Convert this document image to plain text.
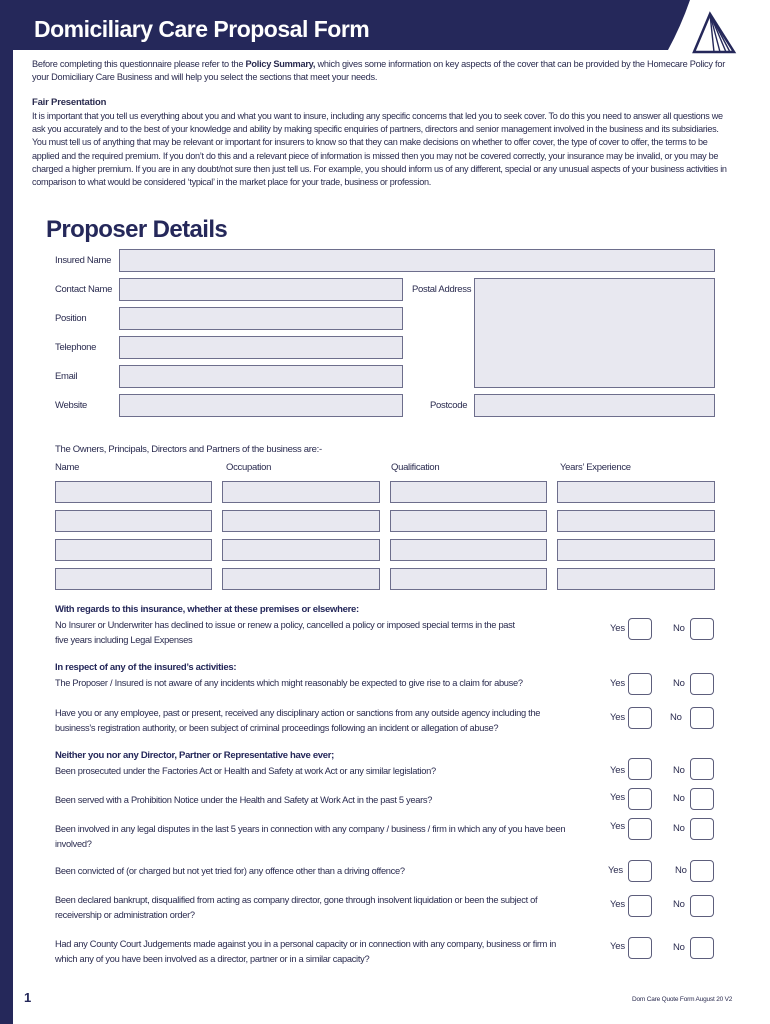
Domiciliary Care Proposal Form
Before completing this questionnaire please refer to the Policy Summary, which gives some information on key aspects of the cover that can be provided by the Homecare Policy for your Domiciliary Care Business and will help you select the sections that meet your needs.
Fair Presentation

It is important that you tell us everything about you and what you want to insure, including any specific concerns that led you to seek cover. To do this you need to answer all questions we ask you accurately and to the best of your knowledge and ability by making specific enquiries of partners, directors and senior management involved in the business and its subsidiaries.

You must tell us of anything that may be relevant or important for insurers to know so that they can make decisions on whether to offer cover, the type of cover to offer, the terms to be applied and the required premium. If you don’t do this and a relevant piece of information is missed then you may not be covered correctly, your insurance may be invalid, or you may be charged a higher premium. If you are in any doubt/not sure then just tell us. For example, you should inform us of any different, special or any unusual aspects of your business activities in comparison to what would be considered ‘typical’ in the market place for your trade, business or profession.

Proposer Details
Insured Name
Contact Name	Postal Address
Position
Telephone
Email
Website	Postcode
The Owners, Principals, Directors and Partners of the business are:-
Name	Occupation	Qualification	Years’ Experience
With regards to this insurance, whether at these premises or elsewhere:
No Insurer or Underwriter has declined to issue or renew a policy, cancelled a policy or imposed special terms in the past five years including Legal Expenses
Yes	No
In respect of any of the insured’s activities:
The Proposer / Insured is not aware of any incidents which might reasonably be expected to give rise to a claim for abuse?	Yes	No
Have you or any employee, past or present, received any disciplinary action or sanctions from any outside agency including the business’s registration authority, or been subject of criminal proceedings following an incident or allegation of abuse?
Yes	No
Neither you nor any Director, Partner or Representative have ever;
Been prosecuted under the Factories Act or Health and Safety at work Act or any similar legislation?	Yes	No
Been served with a Prohibition Notice under the Health and Safety at Work Act in the past 5 years?	Yes	No
Been involved in any legal disputes in the last 5 years in connection with any company / business / firm in which any of you have been involved?
Yes	No
Been convicted of (or charged but not yet tried for) any offence other than a driving offence?	Yes	No
Been declared bankrupt, disqualified from acting as company director, gone through insolvent liquidation or been the subject of receivership or administration order?
Yes	No
Had any County Court Judgements made against you in a personal capacity or in connection with any company, business or firm in which any of you have been involved as a director, partner or in a similar capacity?
Yes	No
1	Dom Care Quote Form August 20 V2
